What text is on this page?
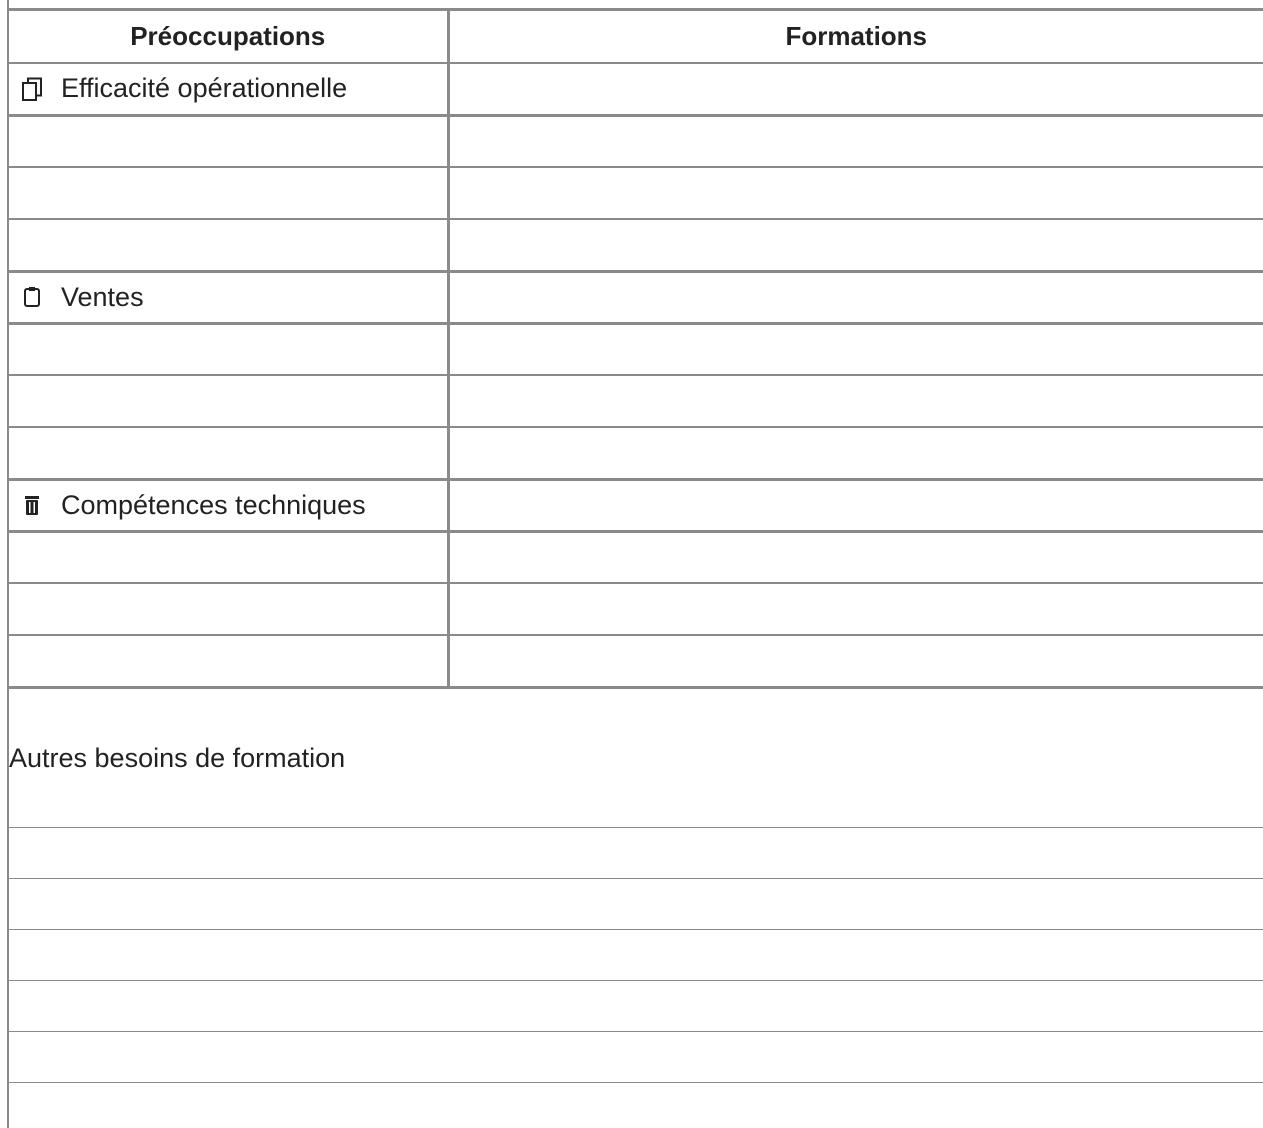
Préoccupations	Formations

Efficacité opérationnelle	

Ventes	

Compétences techniques	

Autres besoins de formation
